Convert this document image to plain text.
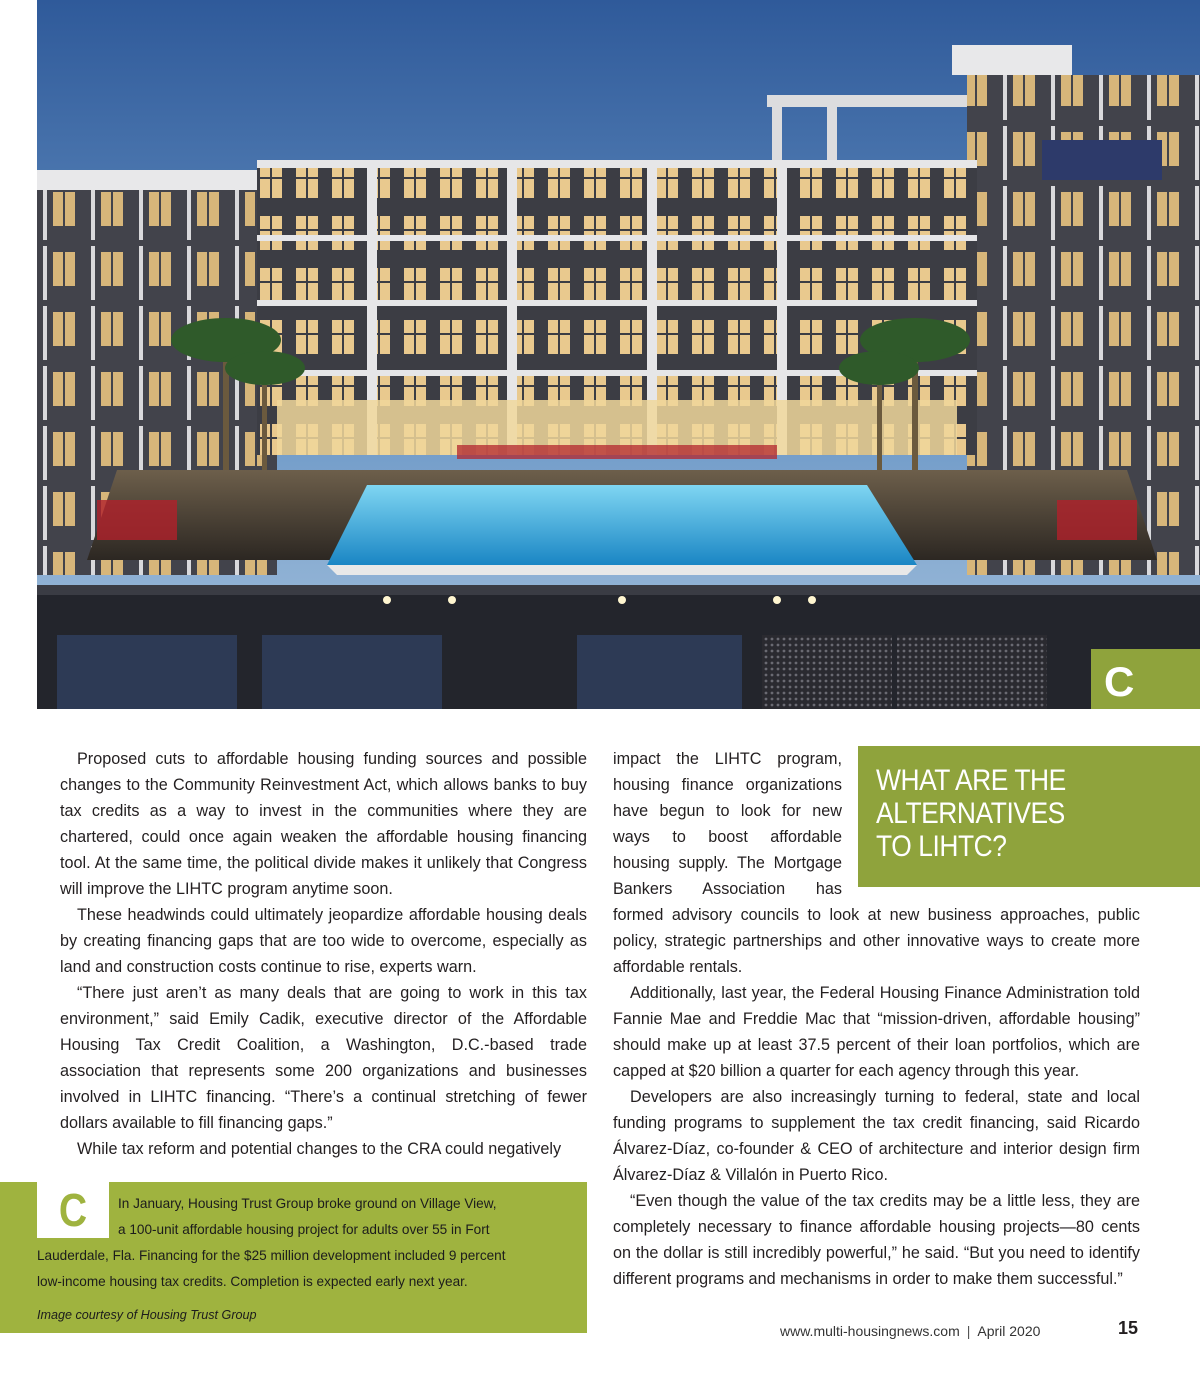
C

Proposed cuts to affordable housing funding sources and possible changes to the Community Reinvestment Act, which allows banks to buy tax credits as a way to invest in the communities where they are chartered, could once again weaken the affordable housing financing tool. At the same time, the political divide makes it unlikely that Congress will improve the LIHTC program anytime soon.

These headwinds could ultimately jeopardize affordable housing deals by creating financing gaps that are too wide to overcome, especially as land and construction costs continue to rise, experts warn.

“There just aren’t as many deals that are going to work in this tax environment,” said Emily Cadik, executive director of the Affordable Housing Tax Credit Coalition, a Washington, D.C.-based trade association that represents some 200 organizations and businesses involved in LIHTC financing. “There’s a continual stretching of fewer dollars available to fill financing gaps.”

While tax reform and potential changes to the CRA could negatively

WHAT ARE THE
ALTERNATIVES
TO LIHTC?

impact the LIHTC program, housing finance organizations have begun to look for new ways to boost affordable housing supply. The Mortgage Bankers Association has formed advisory councils to look at new business approaches, public policy, strategic partnerships and other innovative ways to create more affordable rentals.

Additionally, last year, the Federal Housing Finance Administration told Fannie Mae and Freddie Mac that “mission-driven, affordable housing” should make up at least 37.5 percent of their loan portfolios, which are capped at $20 billion a quarter for each agency through this year.

Developers are also increasingly turning to federal, state and local funding programs to supplement the tax credit financing, said Ricardo Álvarez-Díaz, co-founder & CEO of architecture and interior design firm Álvarez-Díaz & Villalón in Puerto Rico.

“Even though the value of the tax credits may be a little less, they are completely necessary to finance affordable housing projects—80 cents on the dollar is still incredibly powerful,” he said. “But you need to identify different programs and mechanisms in order to make them successful.”

C	In January, Housing Trust Group broke ground on Village View,
a 100-unit affordable housing project for adults over 55 in Fort
Lauderdale, Fla. Financing for the $25 million development included 9 percent
low-income housing tax credits. Completion is expected early next year.
Image courtesy of Housing Trust Group
www.multi-housingnews.com | April 2020	15
